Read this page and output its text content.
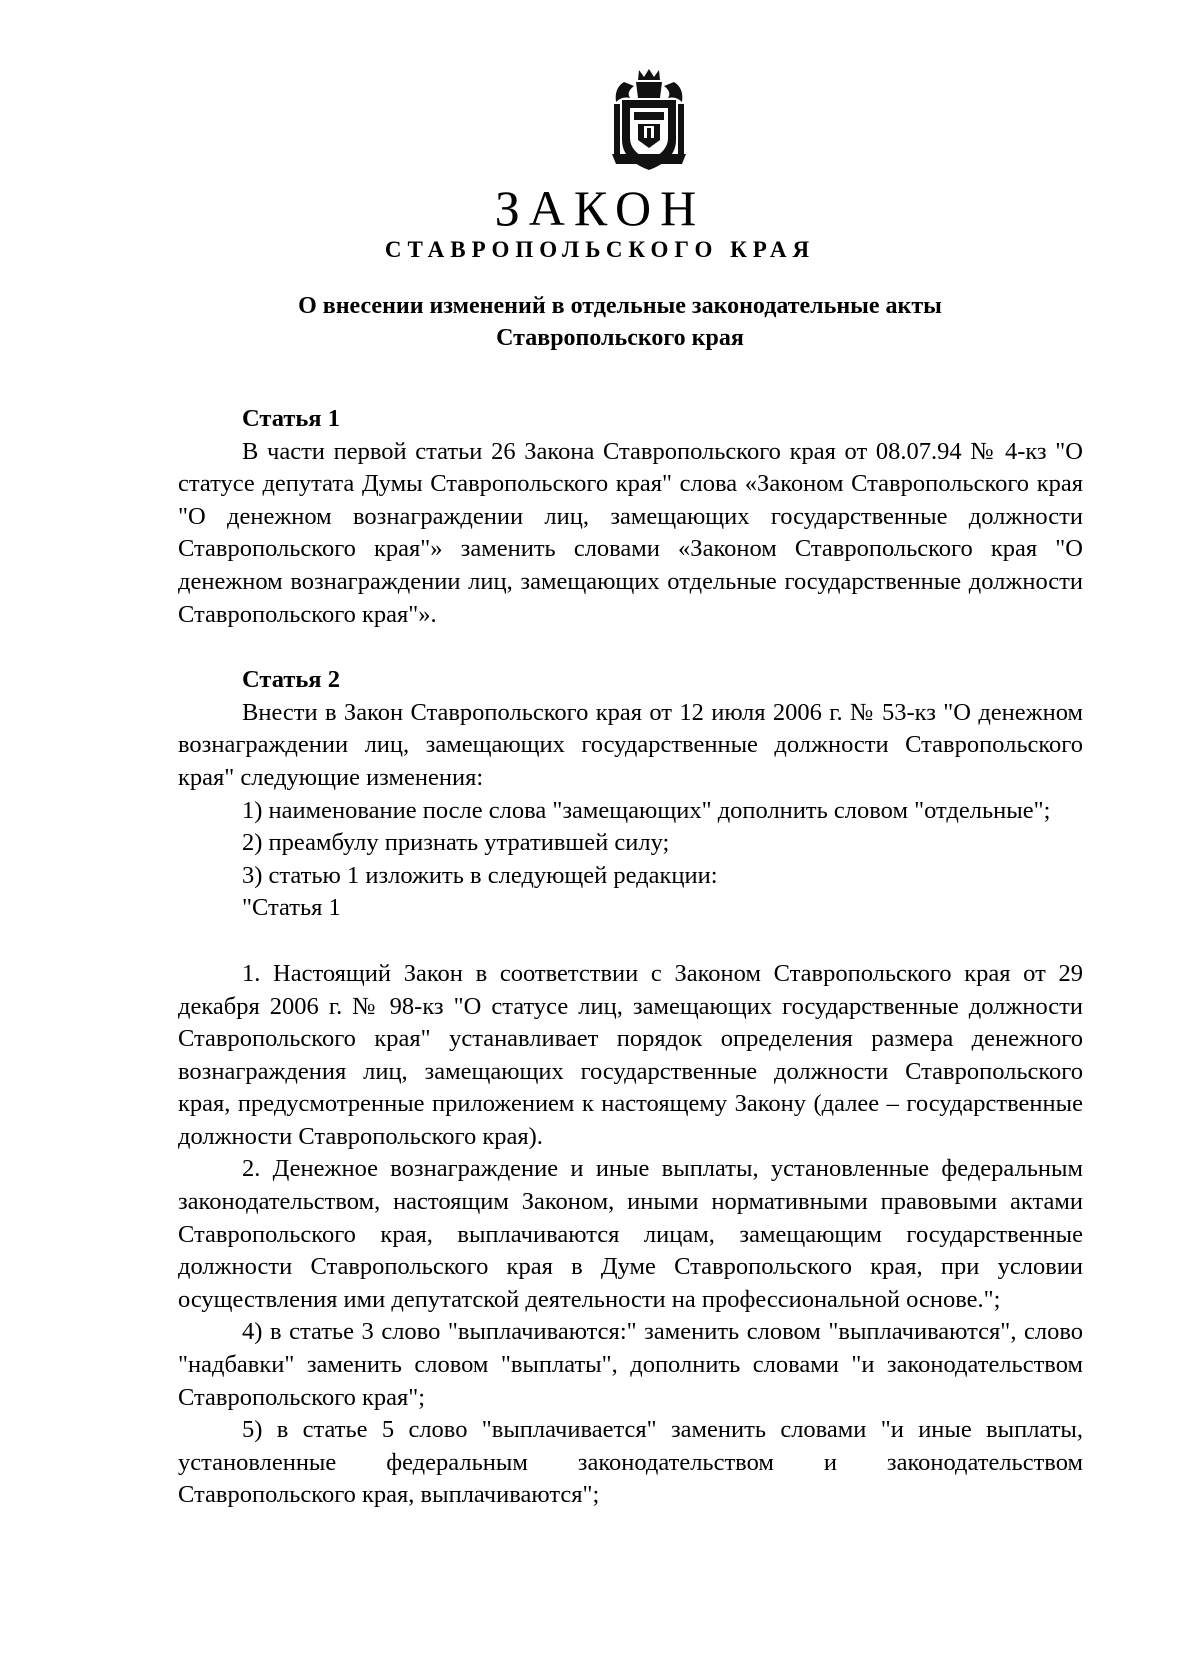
ЗАКОН
СТАВРОПОЛЬСКОГО КРАЯ
О внесении изменений в отдельные законодательные акты
Ставропольского края

Статья 1

В части первой статьи 26 Закона Ставропольского края от 08.07.94 № 4-кз "О статусе депутата Думы Ставропольского края" слова «Законом Ставропольского края "О денежном вознаграждении лиц, замещающих государственные должности Ставропольского края"» заменить словами «Законом Ставропольского края "О денежном вознаграждении лиц, замещающих отдельные государственные должности Ставропольского края"».

Статья 2

Внести в Закон Ставропольского края от 12 июля 2006 г. № 53-кз "О денежном вознаграждении лиц, замещающих государственные должности Ставропольского края" следующие изменения:

1) наименование после слова "замещающих" дополнить словом "отдельные";

2) преамбулу признать утратившей силу;

3) статью 1 изложить в следующей редакции:

"Статья 1

1. Настоящий Закон в соответствии с Законом Ставропольского края от 29 декабря 2006 г. № 98-кз "О статусе лиц, замещающих государственные должности Ставропольского края" устанавливает порядок определения размера денежного вознаграждения лиц, замещающих государственные должности Ставропольского края, предусмотренные приложением к настоящему Закону (далее – государственные должности Ставропольского края).

2. Денежное вознаграждение и иные выплаты, установленные федеральным законодательством, настоящим Законом, иными нормативными правовыми актами Ставропольского края, выплачиваются лицам, замещающим государственные должности Ставропольского края в Думе Ставропольского края, при условии осуществления ими депутатской деятельности на профессиональной основе.";

4) в статье 3 слово "выплачиваются:" заменить словом "выплачиваются", слово "надбавки" заменить словом "выплаты", дополнить словами "и законодательством Ставропольского края";

5) в статье 5 слово "выплачивается" заменить словами "и иные выплаты, установленные федеральным законодательством и законодательством Ставропольского края, выплачиваются";
